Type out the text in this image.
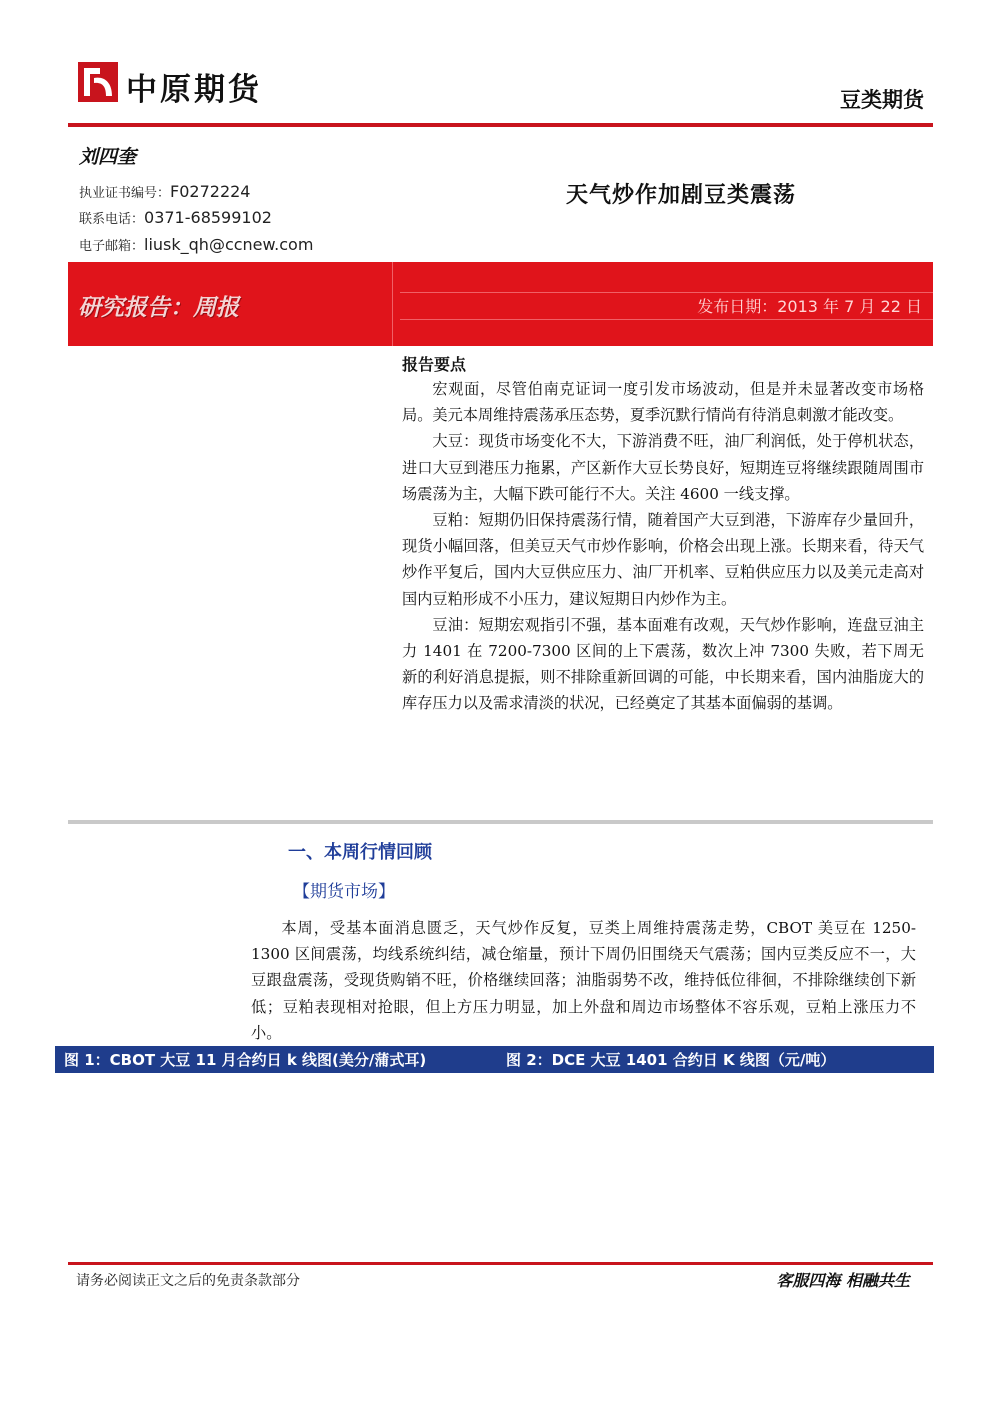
中原期货	豆类期货
刘四奎
执业证书编号：F0272224
联系电话：0371-68599102
电子邮箱：liusk_qh@ccnew.com
天气炒作加剧豆类震荡
研究报告：周报	发布日期：2013 年 7 月 22 日
报告要点

宏观面，尽管伯南克证词一度引发市场波动，但是并未显著改变市场格局。美元本周维持震荡承压态势，夏季沉默行情尚有待消息刺激才能改变。

大豆：现货市场变化不大，下游消费不旺，油厂利润低，处于停机状态，进口大豆到港压力拖累，产区新作大豆长势良好，短期连豆将继续跟随周围市场震荡为主，大幅下跌可能行不大。关注 4600 一线支撑。

豆粕：短期仍旧保持震荡行情，随着国产大豆到港，下游库存少量回升，现货小幅回落，但美豆天气市炒作影响，价格会出现上涨。长期来看，待天气炒作平复后，国内大豆供应压力、油厂开机率、豆粕供应压力以及美元走高对国内豆粕形成不小压力，建议短期日内炒作为主。

豆油：短期宏观指引不强，基本面难有改观，天气炒作影响，连盘豆油主力 1401 在 7200-7300 区间的上下震荡，数次上冲 7300 失败，若下周无新的利好消息提振，则不排除重新回调的可能，中长期来看，国内油脂庞大的库存压力以及需求清淡的状况，已经奠定了其基本面偏弱的基调。

一、本周行情回顾
【期货市场】

本周，受基本面消息匮乏，天气炒作反复，豆类上周维持震荡走势，CBOT 美豆在 1250-1300 区间震荡，均线系统纠结，减仓缩量，预计下周仍旧围绕天气震荡；国内豆类反应不一，大豆跟盘震荡，受现货购销不旺，价格继续回落；油脂弱势不改，维持低位徘徊，不排除继续创下新低；豆粕表现相对抢眼，但上方压力明显，加上外盘和周边市场整体不容乐观，豆粕上涨压力不小。

图 1：CBOT 大豆 11 月合约日 k 线图(美分/蒲式耳)	图 2：DCE 大豆 1401 合约日 K 线图（元/吨）
请务必阅读正文之后的免责条款部分	客服四海 相融共生
